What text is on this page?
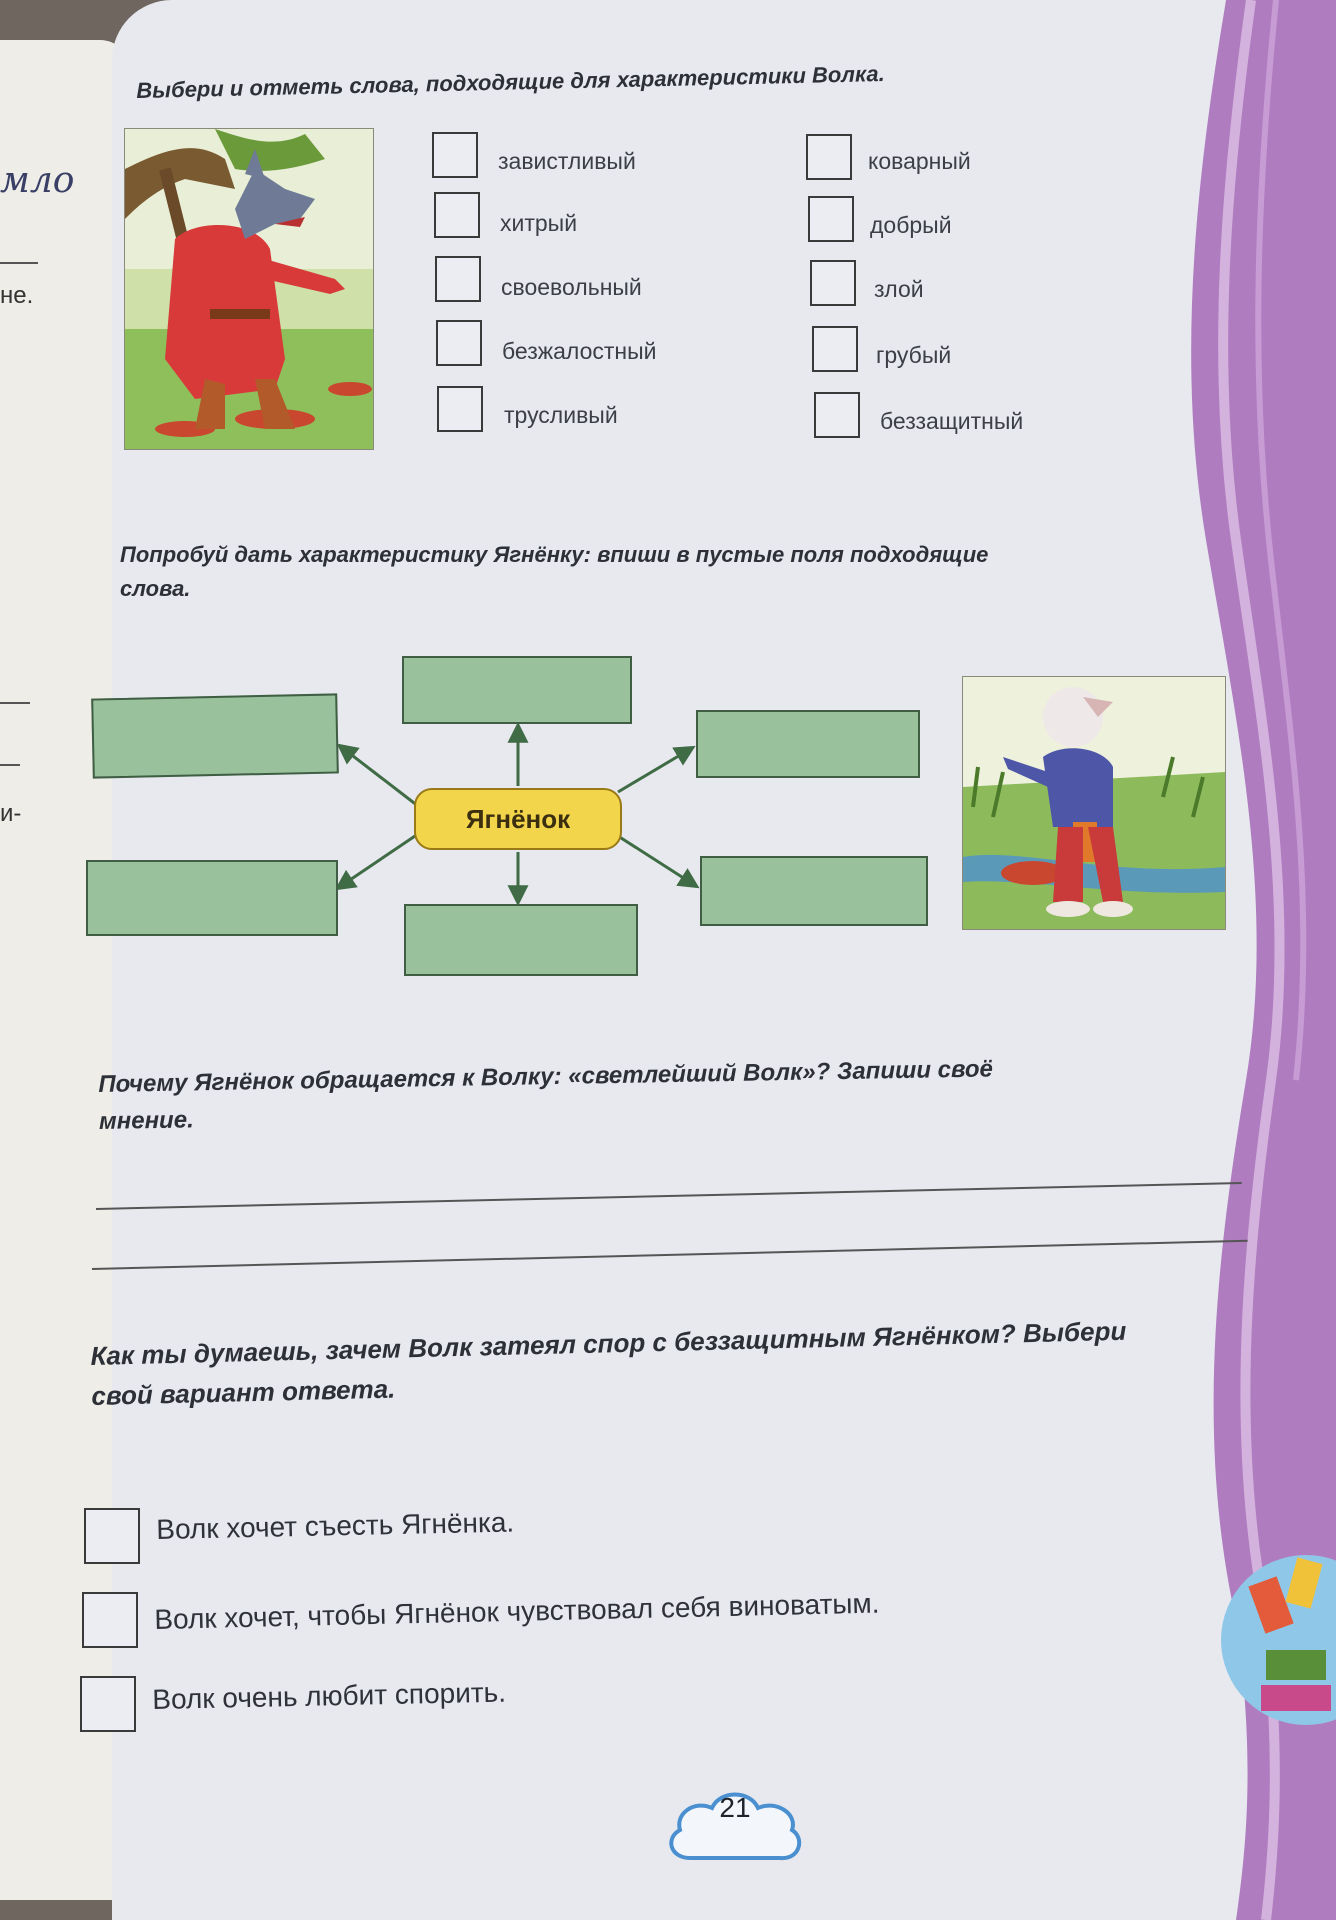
мло
не.
и-
Выбери и отметь слова, подходящие для характеристики Волка.
завистливый
хитрый
своевольный
безжалостный
трусливый
коварный
добрый
злой
грубый
беззащитный
Попробуй дать характеристику Ягнёнку: впиши в пустые поля подходящие
слова.
Ягнёнок
Почему Ягнёнок обращается к Волку: «светлейший Волк»? Запиши своё
мнение.
Как ты думаешь, зачем Волк затеял спор с беззащитным Ягнёнком? Выбери
свой вариант ответа.
Волк хочет съесть Ягнёнка.
Волк хочет, чтобы Ягнёнок чувствовал себя виноватым.
Волк очень любит спорить.
21
